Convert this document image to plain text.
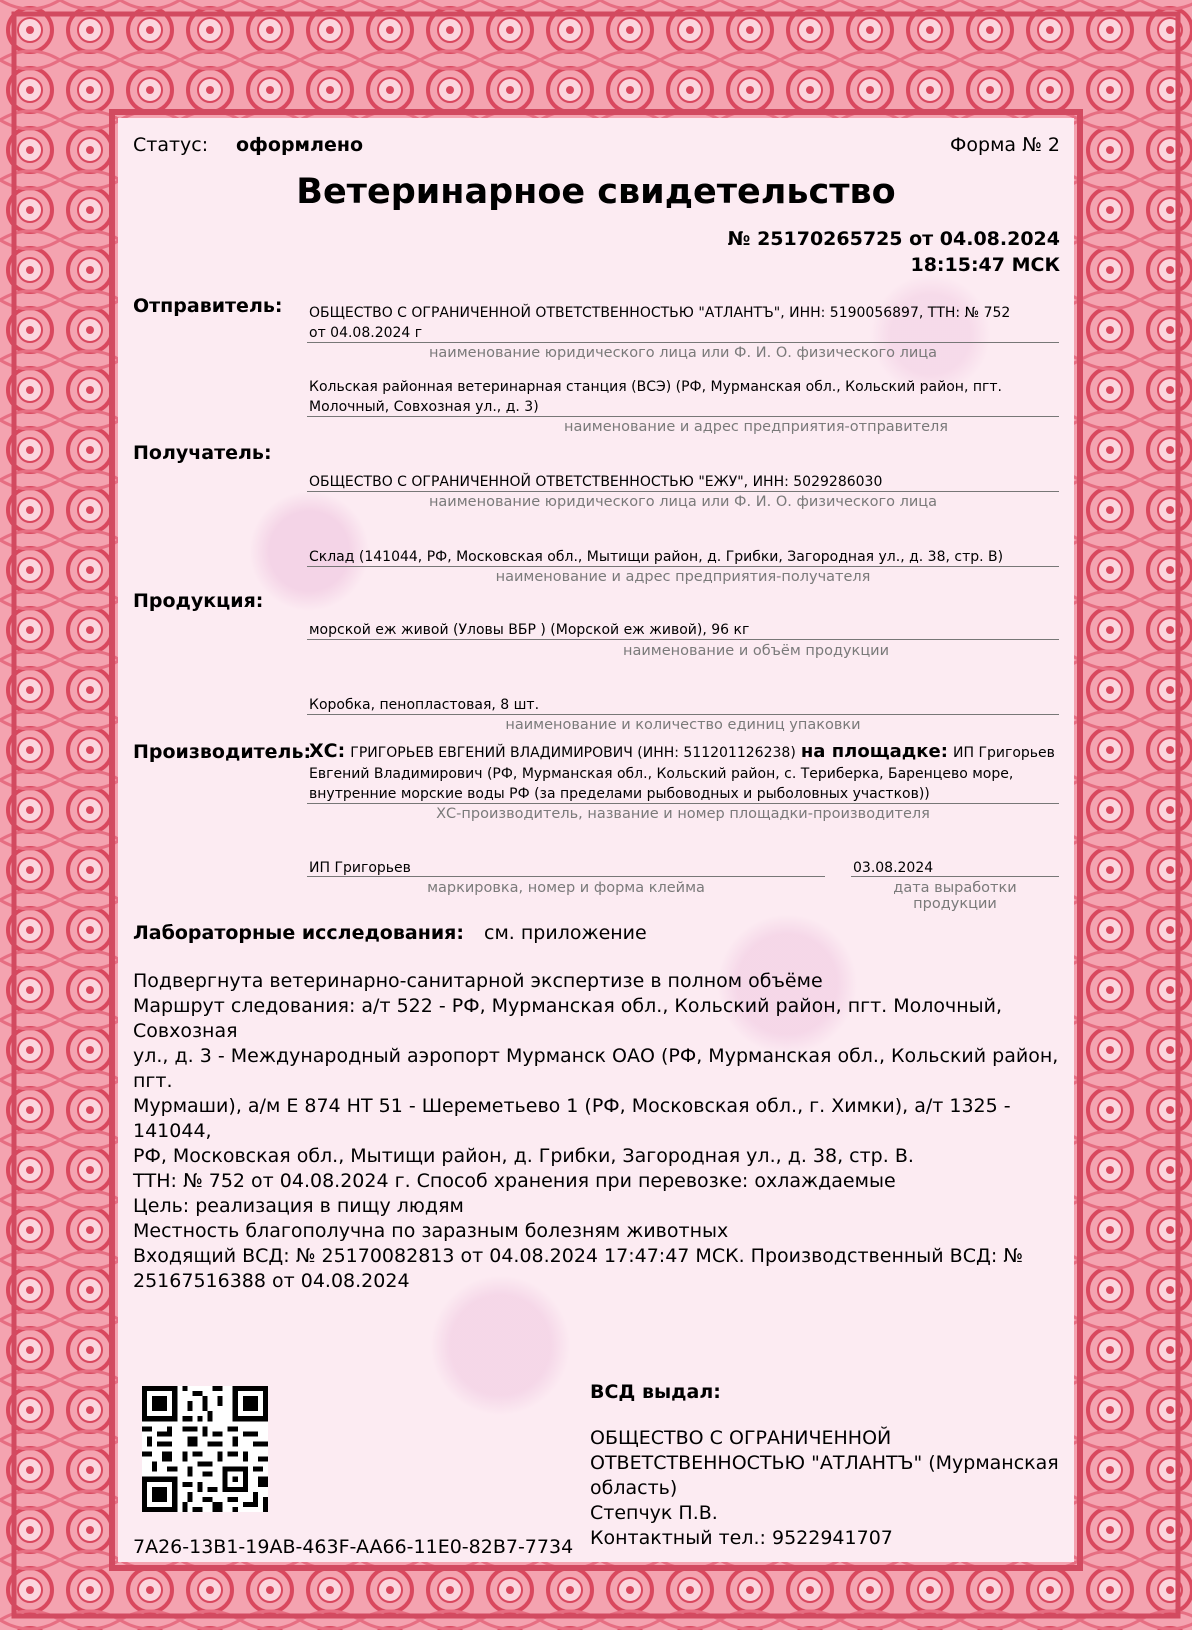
Статус: оформлено	Форма № 2
Ветеринарное свидетельство
№ 25170265725 от 04.08.2024
18:15:47 МСК
Отправитель: ОБЩЕСТВО С ОГРАНИЧЕННОЙ ОТВЕТСТВЕННОСТЬЮ "АТЛАНТЪ", ИНН: 5190056897, ТТН: № 752
от 04.08.2024 г
наименование юридического лица или Ф. И. О. физического лица
Кольская районная ветеринарная станция (ВСЭ) (РФ, Мурманская обл., Кольский район, пгт.
Молочный, Совхозная ул., д. 3)
наименование и адрес предприятия-отправителя
Получатель:
ОБЩЕСТВО С ОГРАНИЧЕННОЙ ОТВЕТСТВЕННОСТЬЮ "ЕЖУ", ИНН: 5029286030
наименование юридического лица или Ф. И. О. физического лица
Склад (141044, РФ, Московская обл., Мытищи район, д. Грибки, Загородная ул., д. 38, стр. В)
наименование и адрес предприятия-получателя
Продукция:
морской еж живой (Уловы ВБР ) (Морской еж живой), 96 кг
наименование и объём продукции
Коробка, пенопластовая, 8 шт.
наименование и количество единиц упаковки
Производитель:
ХС: ГРИГОРЬЕВ ЕВГЕНИЙ ВЛАДИМИРОВИЧ (ИНН: 511201126238) на площадке: ИП Григорьев
Евгений Владимирович (РФ, Мурманская обл., Кольский район, с. Териберка, Баренцево море,
внутренние морские воды РФ (за пределами рыбоводных и рыболовных участков))
ХС-производитель, название и номер площадки-производителя
ИП Григорьев
маркировка, номер и форма клейма
03.08.2024
дата выработки продукции
Лабораторные исследования: см. приложение
Подвергнута ветеринарно-санитарной экспертизе в полном объёме
Маршрут следования: а/т 522 - РФ, Мурманская обл., Кольский район, пгт. Молочный, Совхозная
ул., д. 3 - Международный аэропорт Мурманск ОАО (РФ, Мурманская обл., Кольский район, пгт.
Мурмаши), а/м Е 874 НТ 51 - Шереметьево 1 (РФ, Московская обл., г. Химки), а/т 1325 - 141044,
РФ, Московская обл., Мытищи район, д. Грибки, Загородная ул., д. 38, стр. В.
ТТН: № 752 от 04.08.2024 г. Способ хранения при перевозке: охлаждаемые
Цель: реализация в пищу людям
Местность благополучна по заразным болезням животных
Входящий ВСД: № 25170082813 от 04.08.2024 17:47:47 МСК. Производственный ВСД: №
25167516388 от 04.08.2024
7A26-13B1-19AB-463F-AA66-11E0-82B7-7734
ВСД выдал:
ОБЩЕСТВО С ОГРАНИЧЕННОЙ
ОТВЕТСТВЕННОСТЬЮ "АТЛАНТЪ" (Мурманская
область)
Степчук П.В.
Контактный тел.: 9522941707
